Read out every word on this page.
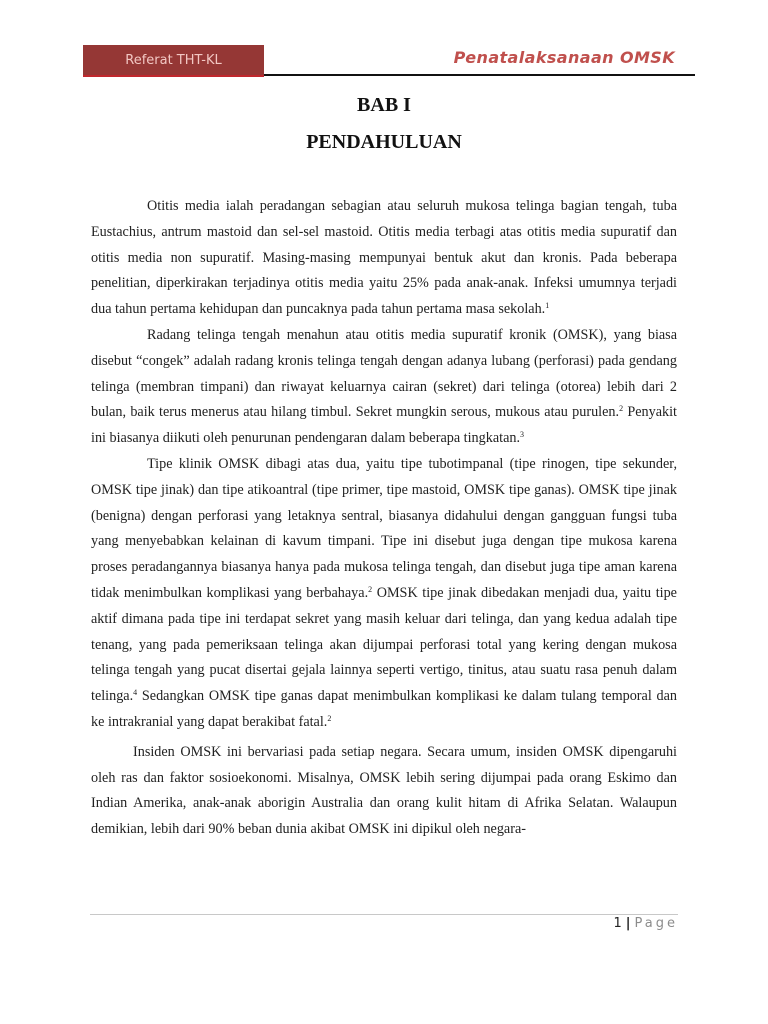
Referat THT-KL	Penatalaksanaan OMSK
BAB I
PENDAHULUAN

Otitis media ialah peradangan sebagian atau seluruh mukosa telinga bagian tengah, tuba Eustachius, antrum mastoid dan sel-sel mastoid. Otitis media terbagi atas otitis media supuratif dan otitis media non supuratif. Masing-masing mempunyai bentuk akut dan kronis. Pada beberapa penelitian, diperkirakan terjadinya otitis media yaitu 25% pada anak-anak. Infeksi umumnya terjadi dua tahun pertama kehidupan dan puncaknya pada tahun pertama masa sekolah.$^1$

Radang telinga tengah menahun atau otitis media supuratif kronik (OMSK), yang biasa disebut “congek” adalah radang kronis telinga tengah dengan adanya lubang (perforasi) pada gendang telinga (membran timpani) dan riwayat keluarnya cairan (sekret) dari telinga (otorea) lebih dari 2 bulan, baik terus menerus atau hilang timbul. Sekret mungkin serous, mukous atau purulen.$^2$ Penyakit ini biasanya diikuti oleh penurunan pendengaran dalam beberapa tingkatan.$^3$

Tipe klinik OMSK dibagi atas dua, yaitu tipe tubotimpanal (tipe rinogen, tipe sekunder, OMSK tipe jinak) dan tipe atikoantral (tipe primer, tipe mastoid, OMSK tipe ganas). OMSK tipe jinak (benigna) dengan perforasi yang letaknya sentral, biasanya didahului dengan gangguan fungsi tuba yang menyebabkan kelainan di kavum timpani. Tipe ini disebut juga dengan tipe mukosa karena proses peradangannya biasanya hanya pada mukosa telinga tengah, dan disebut juga tipe aman karena tidak menimbulkan komplikasi yang berbahaya.$^2$ OMSK tipe jinak dibedakan menjadi dua, yaitu tipe aktif dimana pada tipe ini terdapat sekret yang masih keluar dari telinga, dan yang kedua adalah tipe tenang, yang pada pemeriksaan telinga akan dijumpai perforasi total yang kering dengan mukosa telinga tengah yang pucat disertai gejala lainnya seperti vertigo, tinitus, atau suatu rasa penuh dalam telinga.$^4$ Sedangkan OMSK tipe ganas dapat menimbulkan komplikasi ke dalam tulang temporal dan ke intrakranial yang dapat berakibat fatal.$^2$

Insiden OMSK ini bervariasi pada setiap negara. Secara umum, insiden OMSK dipengaruhi oleh ras dan faktor sosioekonomi. Misalnya, OMSK lebih sering dijumpai pada orang Eskimo dan Indian Amerika, anak-anak aborigin Australia dan orang kulit hitam di Afrika Selatan. Walaupun demikian, lebih dari 90% beban dunia akibat OMSK ini dipikul oleh negara-

1 | Page
